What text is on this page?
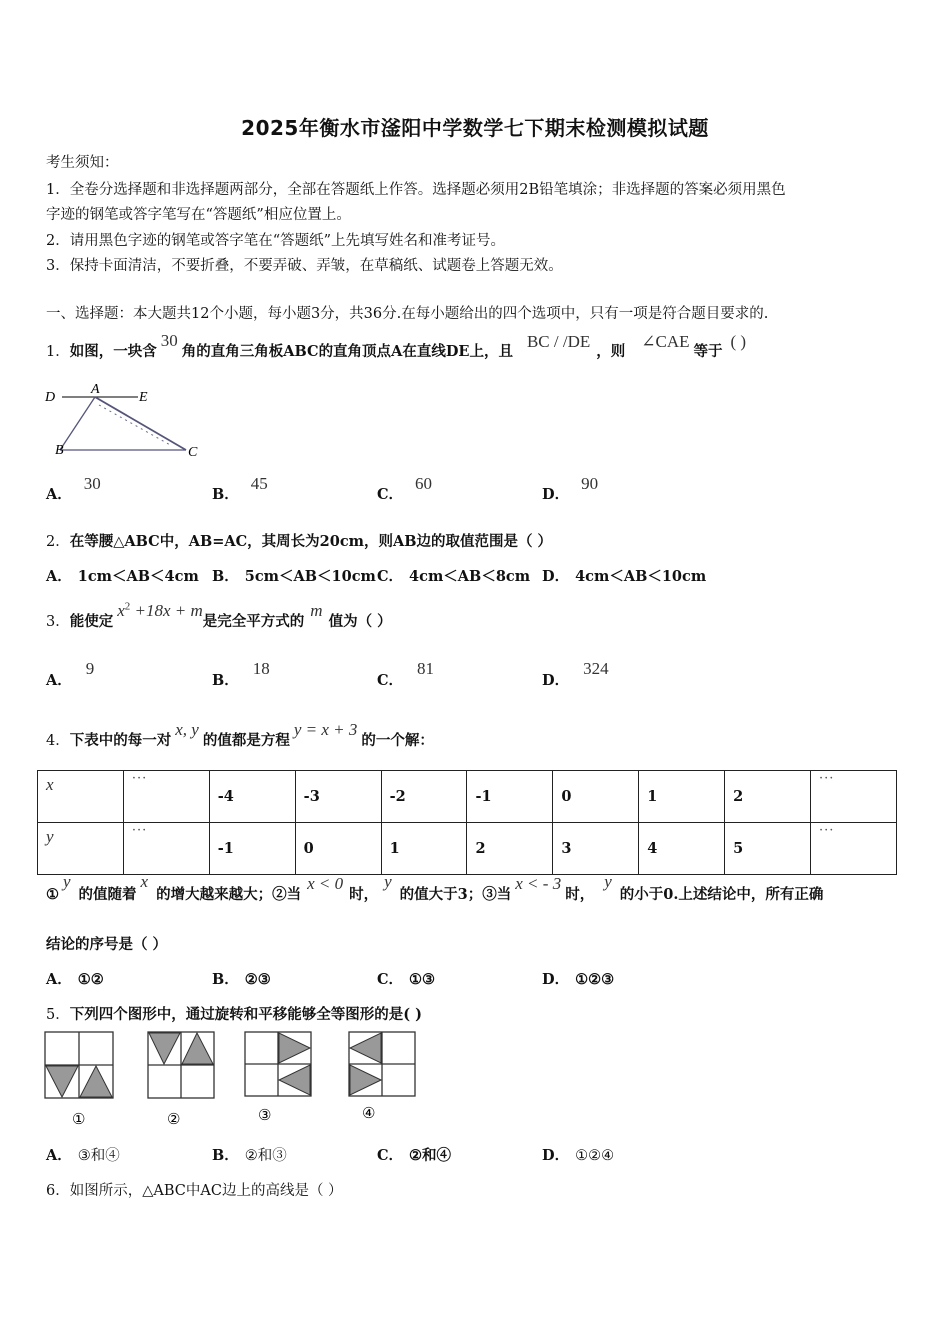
2025年衡水市滏阳中学数学七下期末检测模拟试题
考生须知：
1．全卷分选择题和非选择题两部分，全部在答题纸上作答。选择题必须用2B铅笔填涂；非选择题的答案必须用黑色
字迹的钢笔或答字笔写在“答题纸”相应位置上。
2．请用黑色字迹的钢笔或答字笔在“答题纸”上先填写姓名和准考证号。
3．保持卡面清洁，不要折叠，不要弄破、弄皱，在草稿纸、试题卷上答题无效。
一、选择题：本大题共12个小题，每小题3分，共36分.在每小题给出的四个选项中，只有一项是符合题目要求的.
1．如图，一块含30角的直角三角板ABC的直角顶点A在直线DE上，且BC / /DE，则∠CAE等于( )
D
A
E
B	C
A．30
B．45
C．60
D．90
2．在等腰△ABC中，AB=AC，其周长为20cm，则AB边的取值范围是（ ）
A． 1cm＜AB＜4cm B． 5cm＜AB＜10cm C． 4cm＜AB＜8cm D． 4cm＜AB＜10cm
3．能使定$x^2 +18x + m$是完全平方式的m值为（ ）
A．9
B．18
C．81
D．324
4．下表中的每一对x, y的值都是方程y = x + 3的一个解：
x	···	-4	-3	-2	-1	0	1	2	···
y	···	-1	0	1	2	3	4	5	···
①y的值随着x的增大越来越大；②当x < 0时，y的值大于3；③当x < - 3时，y的小于0.上述结论中，所有正确
结论的序号是（ ）
A． ①②	B． ②③	C． ①③	D． ①②③
5．下列四个图形中，通过旋转和平移能够全等图形的是( )
①	②	③	④
A． ③和④	B． ②和③	C． ②和④	D． ①②④
6．如图所示，△ABC中AC边上的高线是（ ）
